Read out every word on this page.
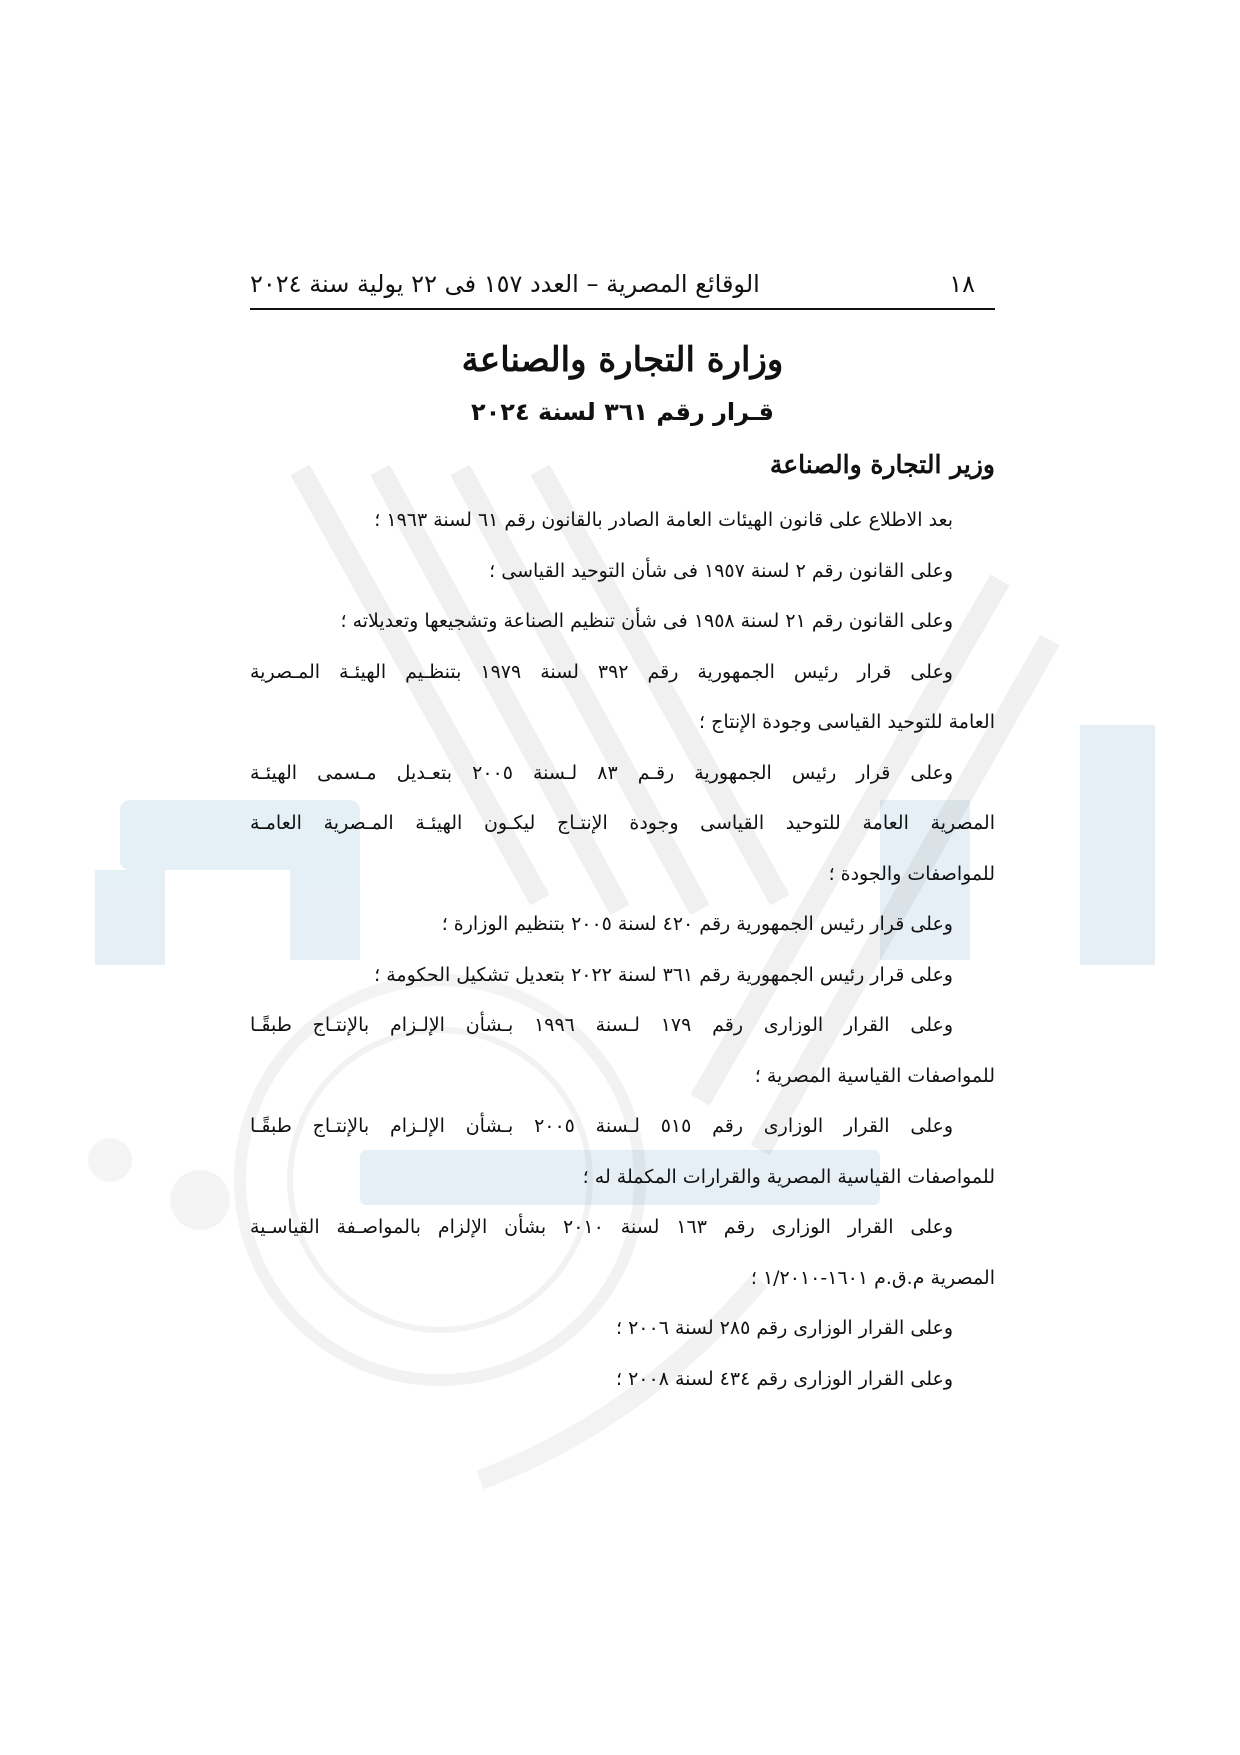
١٨
الوقائع المصرية – العدد ١٥٧ فى ٢٢ يولية سنة ٢٠٢٤
وزارة التجارة والصناعة
قـرار رقم ٣٦١ لسنة ٢٠٢٤
وزير التجارة والصناعة

بعد الاطلاع على قانون الهيئات العامة الصادر بالقانون رقم ٦١ لسنة ١٩٦٣ ؛

وعلى القانون رقم ٢ لسنة ١٩٥٧ فى شأن التوحيد القياسى ؛

وعلى القانون رقم ٢١ لسنة ١٩٥٨ فى شأن تنظيم الصناعة وتشجيعها وتعديلاته ؛

وعلى قرار رئيس الجمهورية رقم ٣٩٢ لسنة ١٩٧٩ بتنظـيم الهيئـة المـصرية
العامة للتوحيد القياسى وجودة الإنتاج ؛

وعلى قرار رئيس الجمهورية رقـم ٨٣ لـسنة ٢٠٠٥ بتعـديل مـسمى الهيئـة
المصرية العامة للتوحيد القياسى وجودة الإنتـاج ليكـون الهيئـة المـصرية العامـة
للمواصفات والجودة ؛

وعلى قرار رئيس الجمهورية رقم ٤٢٠ لسنة ٢٠٠٥ بتنظيم الوزارة ؛

وعلى قرار رئيس الجمهورية رقم ٣٦١ لسنة ٢٠٢٢ بتعديل تشكيل الحكومة ؛

وعلى القرار الوزارى رقم ١٧٩ لـسنة ١٩٩٦ بـشأن الإلـزام بالإنتـاج طبقًـا
للمواصفات القياسية المصرية ؛

وعلى القرار الوزارى رقم ٥١٥ لـسنة ٢٠٠٥ بـشأن الإلـزام بالإنتـاج طبقًـا
للمواصفات القياسية المصرية والقرارات المكملة له ؛

وعلى القرار الوزارى رقم ١٦٣ لسنة ٢٠١٠ بشأن الإلزام بالمواصـفة القياسـية
المصرية م.ق.م ١٦٠١-١/٢٠١٠ ؛

وعلى القرار الوزارى رقم ٢٨٥ لسنة ٢٠٠٦ ؛

وعلى القرار الوزارى رقم ٤٣٤ لسنة ٢٠٠٨ ؛
